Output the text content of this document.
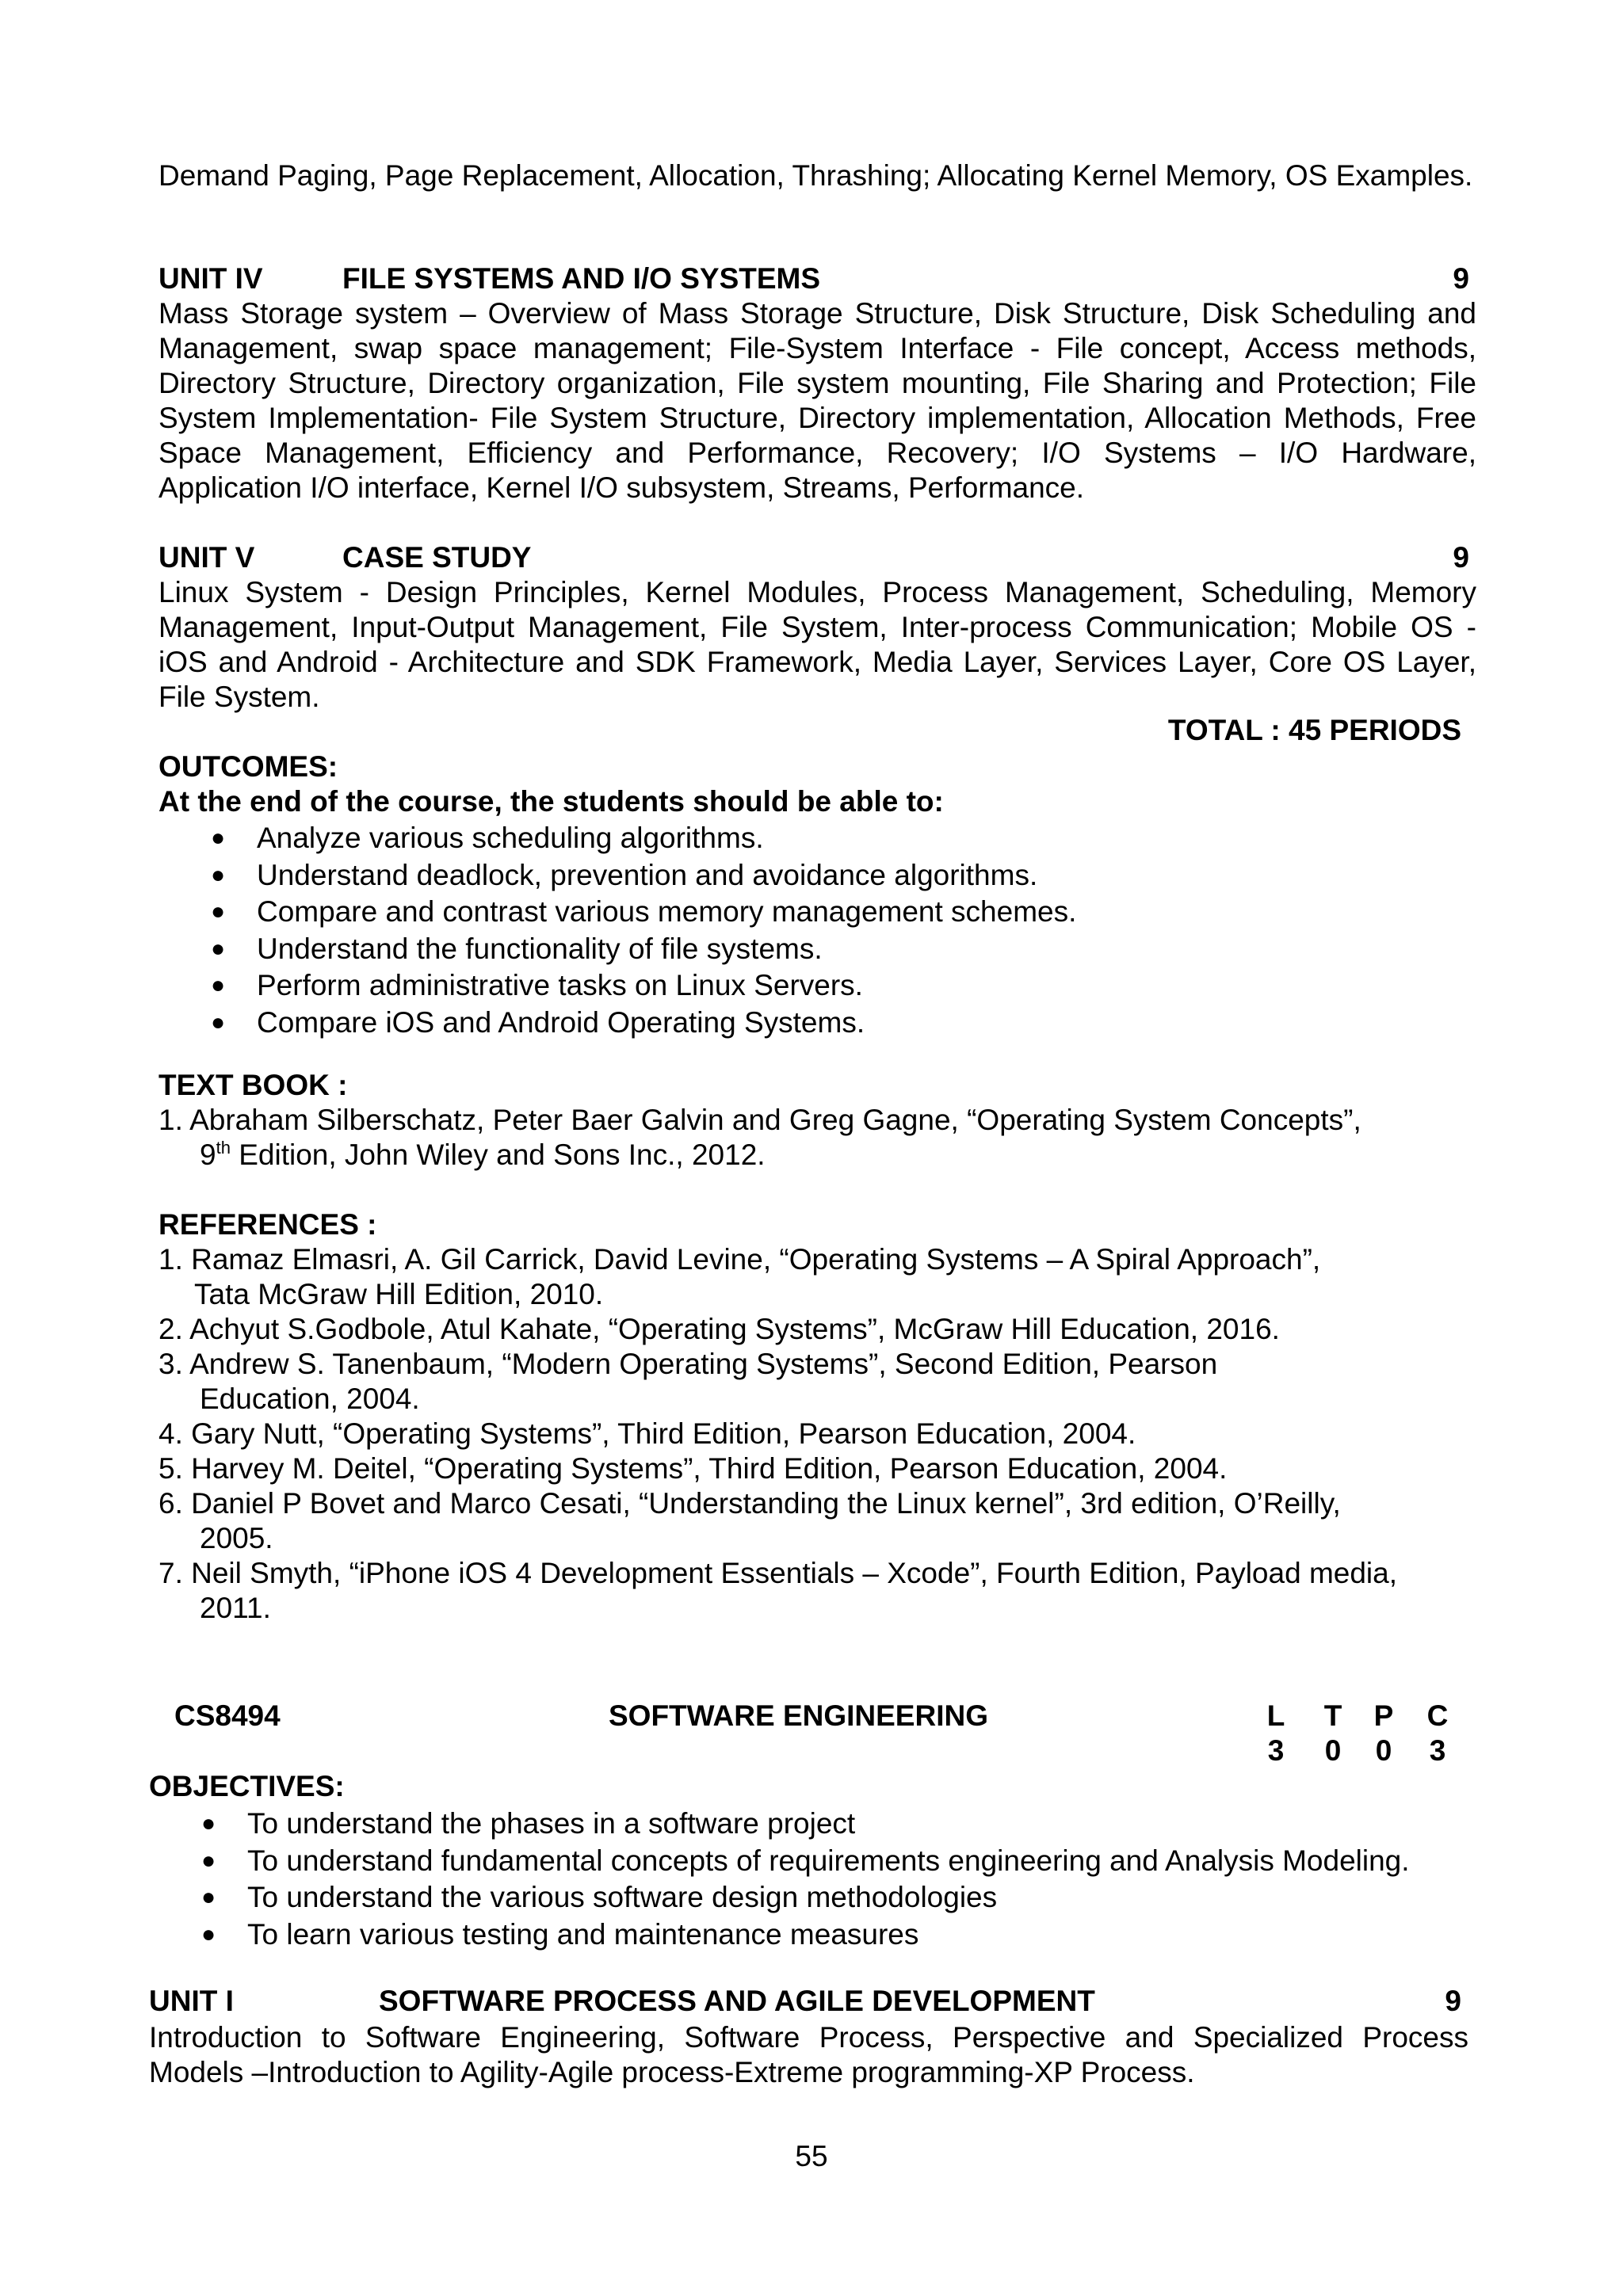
Demand Paging, Page Replacement, Allocation, Thrashing; Allocating Kernel Memory, OS Examples.
UNIT IV	FILE SYSTEMS AND I/O SYSTEMS	9
Mass Storage system – Overview of Mass Storage Structure, Disk Structure, Disk Scheduling and Management, swap space management; File-System Interface - File concept, Access methods, Directory Structure, Directory organization, File system mounting, File Sharing and Protection; File System Implementation- File System Structure, Directory implementation, Allocation Methods, Free Space Management, Efficiency and Performance, Recovery; I/O Systems – I/O Hardware, Application I/O interface, Kernel I/O subsystem, Streams, Performance.
UNIT V	CASE STUDY	9
Linux System - Design Principles, Kernel Modules, Process Management, Scheduling, Memory Management, Input-Output Management, File System, Inter-process Communication; Mobile OS - iOS and Android - Architecture and SDK Framework, Media Layer, Services Layer, Core OS Layer, File System.
TOTAL : 45 PERIODS
OUTCOMES:
At the end of the course, the students should be able to:
● Analyze various scheduling algorithms.
● Understand deadlock, prevention and avoidance algorithms.
● Compare and contrast various memory management schemes.
● Understand the functionality of file systems.
● Perform administrative tasks on Linux Servers.
● Compare iOS and Android Operating Systems.
TEXT BOOK :
1. Abraham Silberschatz, Peter Baer Galvin and Greg Gagne, “Operating System Concepts”,
9th Edition, John Wiley and Sons Inc., 2012.
REFERENCES :
1. Ramaz Elmasri, A. Gil Carrick, David Levine, “Operating Systems – A Spiral Approach”,
Tata McGraw Hill Edition, 2010.
2. Achyut S.Godbole, Atul Kahate, “Operating Systems”, McGraw Hill Education, 2016.
3. Andrew S. Tanenbaum, “Modern Operating Systems”, Second Edition, Pearson
Education, 2004.
4. Gary Nutt, “Operating Systems”, Third Edition, Pearson Education, 2004.
5. Harvey M. Deitel, “Operating Systems”, Third Edition, Pearson Education, 2004.
6. Daniel P Bovet and Marco Cesati, “Understanding the Linux kernel”, 3rd edition, O’Reilly,
2005.
7. Neil Smyth, “iPhone iOS 4 Development Essentials – Xcode”, Fourth Edition, Payload media,
2011.
CS8494	SOFTWARE ENGINEERING	L T P C
3 0 0 3
OBJECTIVES:
● To understand the phases in a software project
● To understand fundamental concepts of requirements engineering and Analysis Modeling.
● To understand the various software design methodologies
● To learn various testing and maintenance measures
UNIT I	SOFTWARE PROCESS AND AGILE DEVELOPMENT	9
Introduction to Software Engineering, Software Process, Perspective and Specialized Process Models –Introduction to Agility-Agile process-Extreme programming-XP Process.
55
